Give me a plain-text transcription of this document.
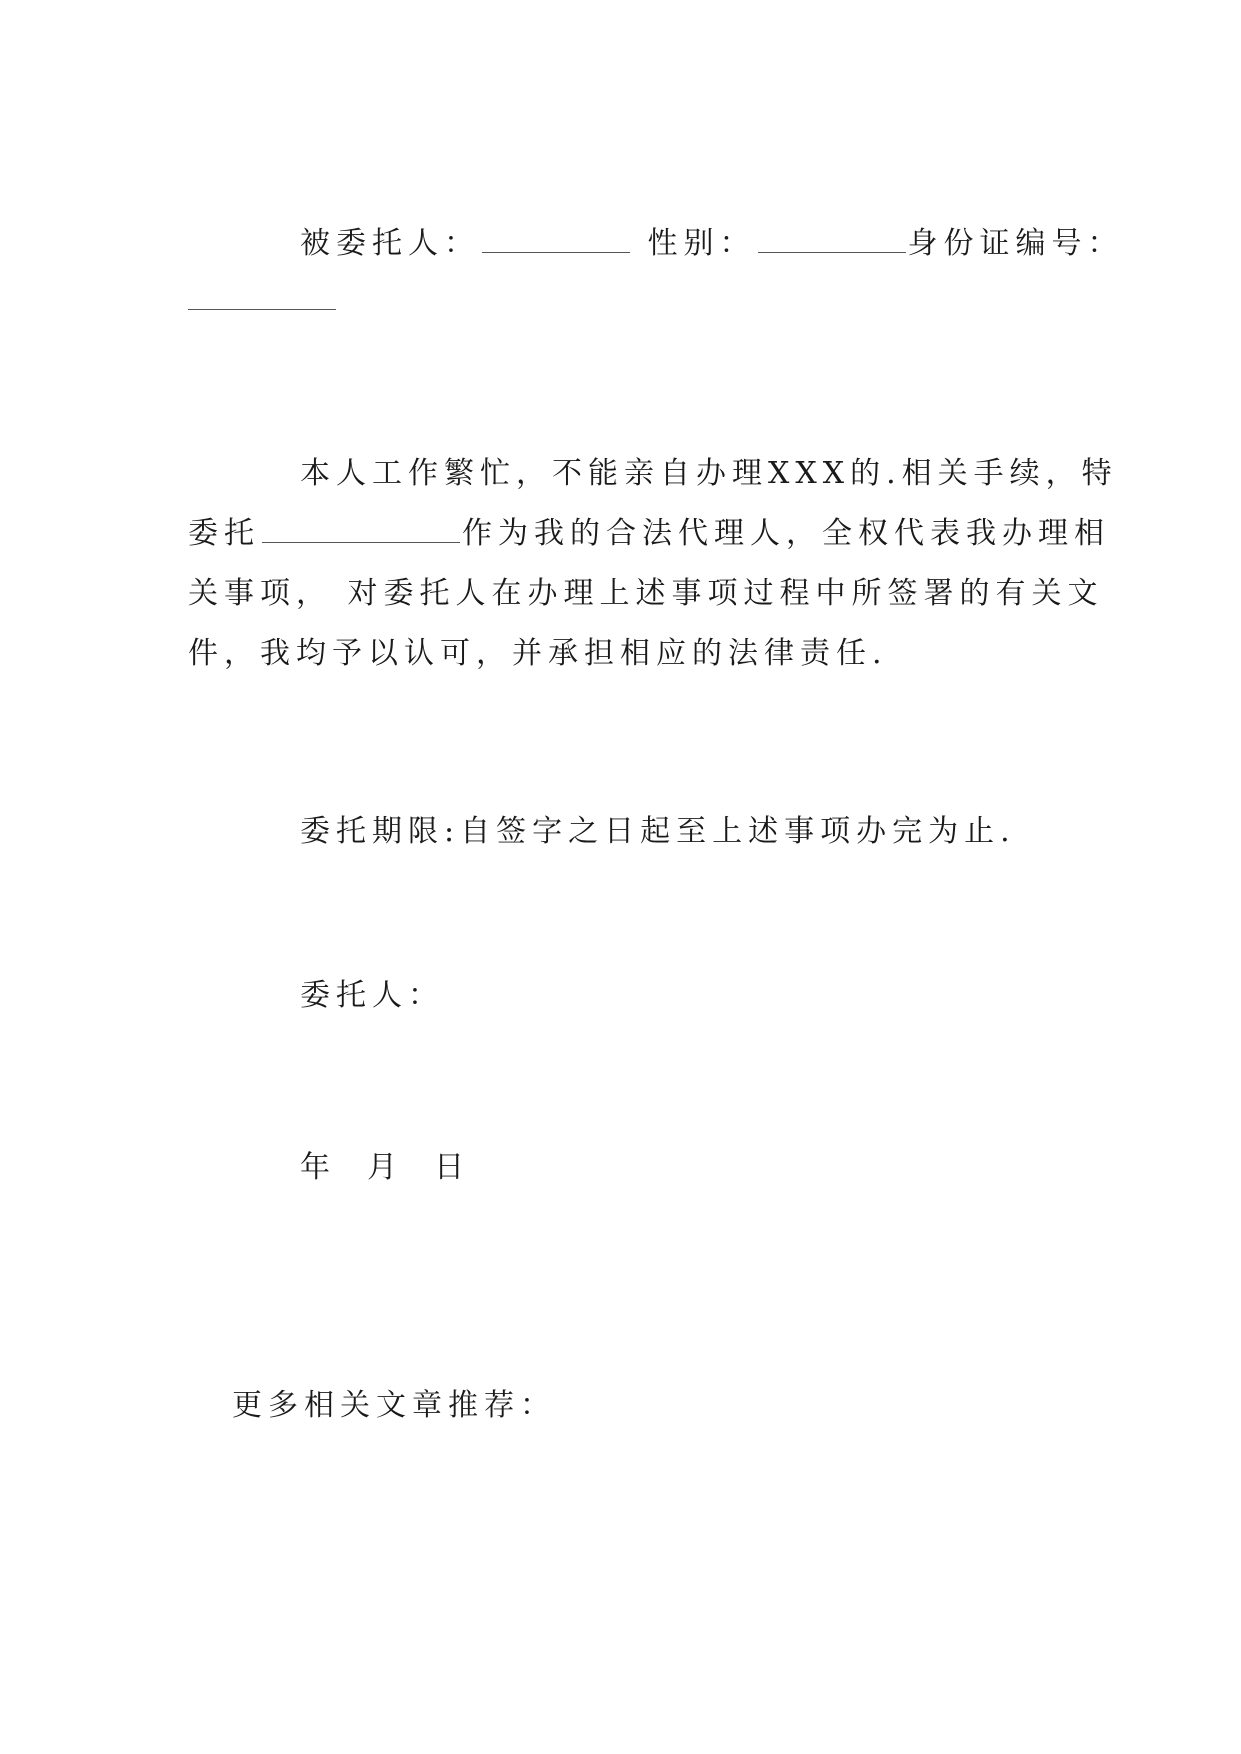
被委托人：	性别：	身份证编号：
本人工作繁忙，不能亲自办理XXX的.相关手续，特
委托	作为我的合法代理人，全权代表我办理相
关事项， 对委托人在办理上述事项过程中所签署的有关文
件，我均予以认可，并承担相应的法律责任.
委托期限:自签字之日起至上述事项办完为止.
委托人：
年  月  日
更多相关文章推荐：
